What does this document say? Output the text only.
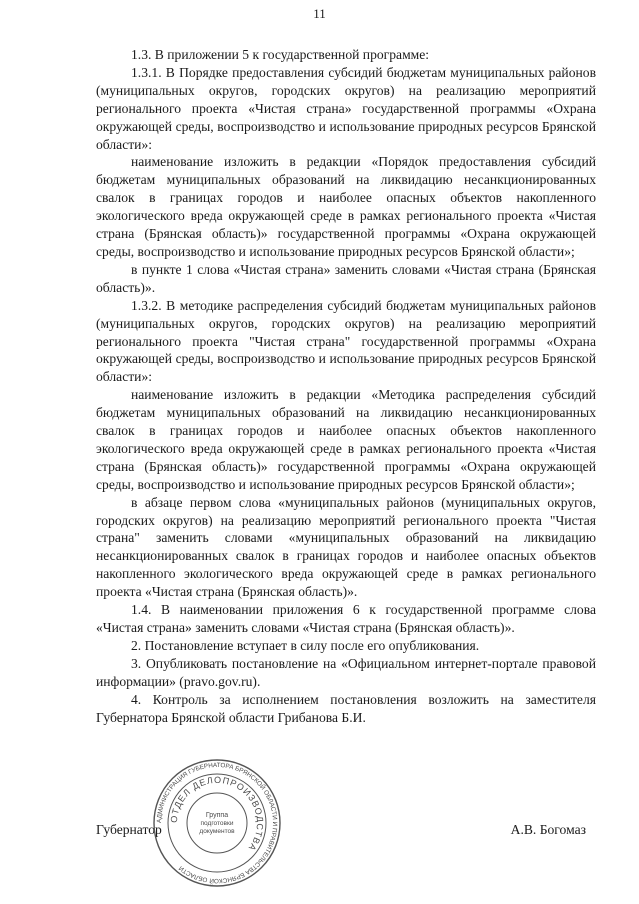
11

1.3. В приложении 5 к государственной программе:

1.3.1. В Порядке предоставления субсидий бюджетам муниципальных районов (муниципальных округов, городских округов) на реализацию мероприятий регионального проекта «Чистая страна» государственной программы «Охрана окружающей среды, воспроизводство и использование природных ресурсов Брянской области»:

наименование изложить в редакции «Порядок предоставления субсидий бюджетам муниципальных образований на ликвидацию несанкционированных свалок в границах городов и наиболее опасных объектов накопленного экологического вреда окружающей среде в рамках регионального проекта «Чистая страна (Брянская область)» государственной программы «Охрана окружающей среды, воспроизводство и использование природных ресурсов Брянской области»;

в пункте 1 слова «Чистая страна» заменить словами «Чистая страна (Брянская область)».

1.3.2. В методике распределения субсидий бюджетам муниципальных районов (муниципальных округов, городских округов) на реализацию мероприятий регионального проекта "Чистая страна" государственной программы «Охрана окружающей среды, воспроизводство и использование природных ресурсов Брянской области»:

наименование изложить в редакции «Методика распределения субсидий бюджетам муниципальных образований на ликвидацию несанкционированных свалок в границах городов и наиболее опасных объектов накопленного экологического вреда окружающей среде в рамках регионального проекта «Чистая страна (Брянская область)» государственной программы «Охрана окружающей среды, воспроизводство и использование природных ресурсов Брянской области»;

в абзаце первом слова «муниципальных районов (муниципальных округов, городских округов) на реализацию мероприятий регионального проекта "Чистая страна" заменить словами «муниципальных образований на ликвидацию несанкционированных свалок в границах городов и наиболее опасных объектов накопленного экологического вреда окружающей среде в рамках регионального проекта «Чистая страна (Брянская область)».

1.4. В наименовании приложения 6 к государственной программе слова «Чистая страна» заменить словами «Чистая страна (Брянская область)».

2. Постановление вступает в силу после его опубликования.

3. Опубликовать постановление на «Официальном интернет-портале правовой информации» (pravo.gov.ru).

4. Контроль за исполнением постановления возложить на заместителя Губернатора Брянской области Грибанова Б.И.

Губернатор	А.В. Богомаз
АДМИНИСТРАЦИЯ ГУБЕРНАТОРА БРЯНСКОЙ ОБЛАСТИ И ПРАВИТЕЛЬСТВА БРЯНСКОЙ ОБЛАСТИ
ОТДЕЛ ДЕЛОПРОИЗВОДСТВА
Группа
подготовки
документов
